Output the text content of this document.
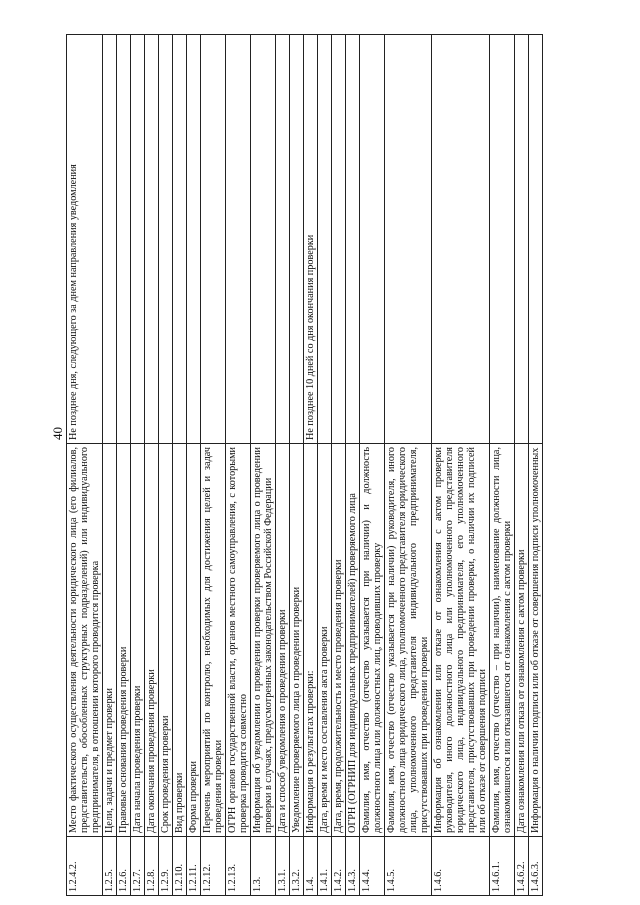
40
1.2.4.2.	Место фактического осуществления деятельности юридического лица (его филиалов, представительств, обособленных структурных подразделений) или индивидуального предпринимателя, в отношении которого проводится проверка	Не позднее дня, следующего за днем направления уведомления
1.2.5.	Цели, задачи и предмет проверки	
1.2.6.	Правовые основания проведения проверки	
1.2.7.	Дата начала проведения проверки	
1.2.8.	Дата окончания проведения проверки	
1.2.9.	Срок проведения проверки	
1.2.10.	Вид проверки	
1.2.11.	Форма проверки	
1.2.12.	Перечень мероприятий по контролю, необходимых для достижения целей и задач проведения проверки	
1.2.13.	ОГРН органов государственной власти, органов местного самоуправления, с которыми проверка проводится совместно	
1.3.	Информация об уведомлении о проведении проверки проверяемого лица о проведении проверки в случаях, предусмотренных законодательством Российской Федерации	
1.3.1.	Дата и способ уведомления о проведении проверки	
1.3.2.	Уведомление проверяемого лица о проведении проверки	
1.4.	Информация о результатах проверки:	Не позднее 10 дней со дня окончания проверки
1.4.1.	Дата, время и место составления акта проверки	
1.4.2.	Дата, время, продолжительность и место проведения проверки	
1.4.3.	ОГРН (ОГРНИП для индивидуальных предпринимателей) проверяемого лица	
1.4.4.	Фамилия, имя, отчество (отчество указывается при наличии) и должность должностного лица или должностных лиц, проводивших проверку	
1.4.5.	Фамилия, имя, отчество (отчество указывается при наличии) руководителя, иного должностного лица юридического лица, уполномоченного представителя юридического лица, уполномоченного представителя индивидуального предпринимателя, присутствовавших при проведении проверки	
1.4.6.	Информация об ознакомлении или отказе от ознакомления с актом проверки руководителя, иного должностного лица или уполномоченного представителя юридического лица, индивидуального предпринимателя, его уполномоченного представителя, присутствовавших при проведении проверки, о наличии их подписей или об отказе от совершения подписи	
1.4.6.1.	Фамилия, имя, отчество (отчество – при наличии), наименование должности лица, ознакомившегося или отказавшегося от ознакомления с актом проверки	
1.4.6.2.	Дата ознакомления или отказа от ознакомления с актом проверки	
1.4.6.3.	Информация о наличии подписи или об отказе от совершения подписи уполномоченных	
